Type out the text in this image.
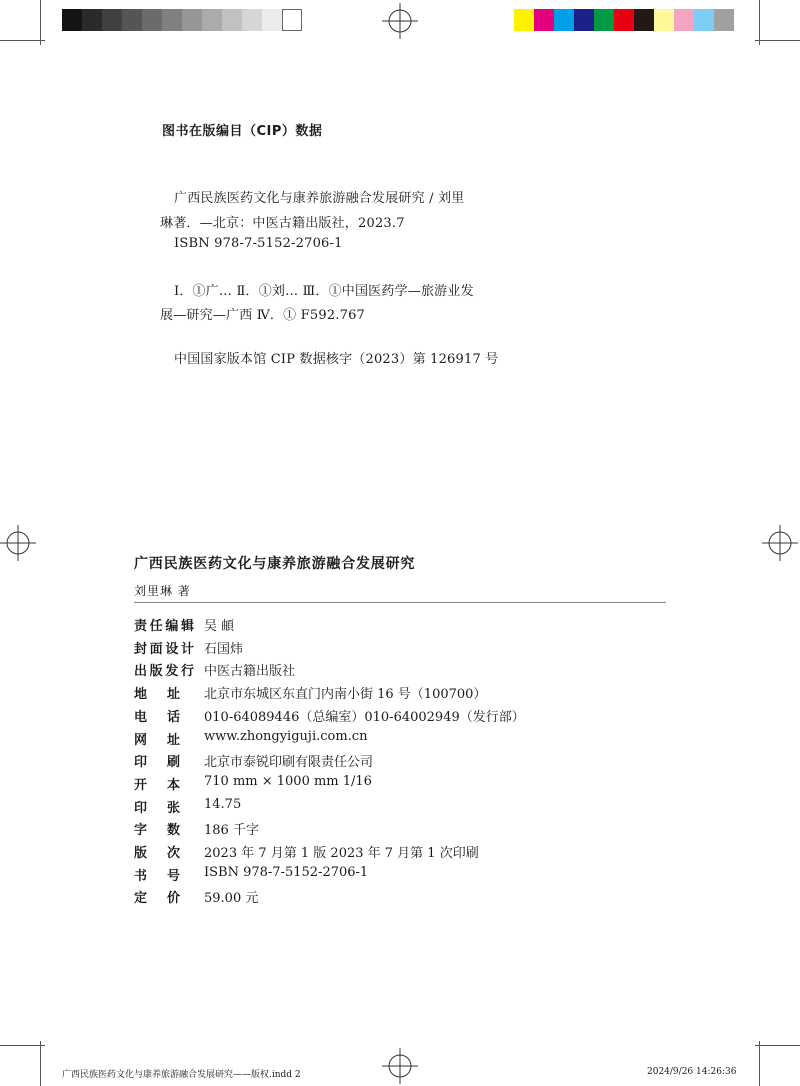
图书在版编目（CIP）数据
广西民族医药文化与康养旅游融合发展研究 / 刘里
琳著．—北京：中医古籍出版社，2023.7
ISBN 978-7-5152-2706-1
Ⅰ．①广… Ⅱ．①刘… Ⅲ．①中国医药学—旅游业发
展—研究—广西 Ⅳ．① F592.767
中国国家版本馆 CIP 数据核字（2023）第 126917 号
广西民族医药文化与康养旅游融合发展研究
刘里琳 著
责 任 编 辑 吴 頔
封 面 设 计 石国炜
出 版 发 行 中医古籍出版社
地 址 北京市东城区东直门内南小街 16 号（100700）
电 话 010-64089446（总编室）010-64002949（发行部）
网 址 www.zhongyiguji.com.cn
印 刷 北京市泰锐印刷有限责任公司
开 本 710 mm × 1000 mm 1/16
印 张 14.75
字 数 186 千字
版 次 2023 年 7 月第 1 版 2023 年 7 月第 1 次印刷
书 号 ISBN 978-7-5152-2706-1
定 价 59.00 元
广西民族医药文化与康养旅游融合发展研究——版权.indd 2	2024/9/26 14:26:36
